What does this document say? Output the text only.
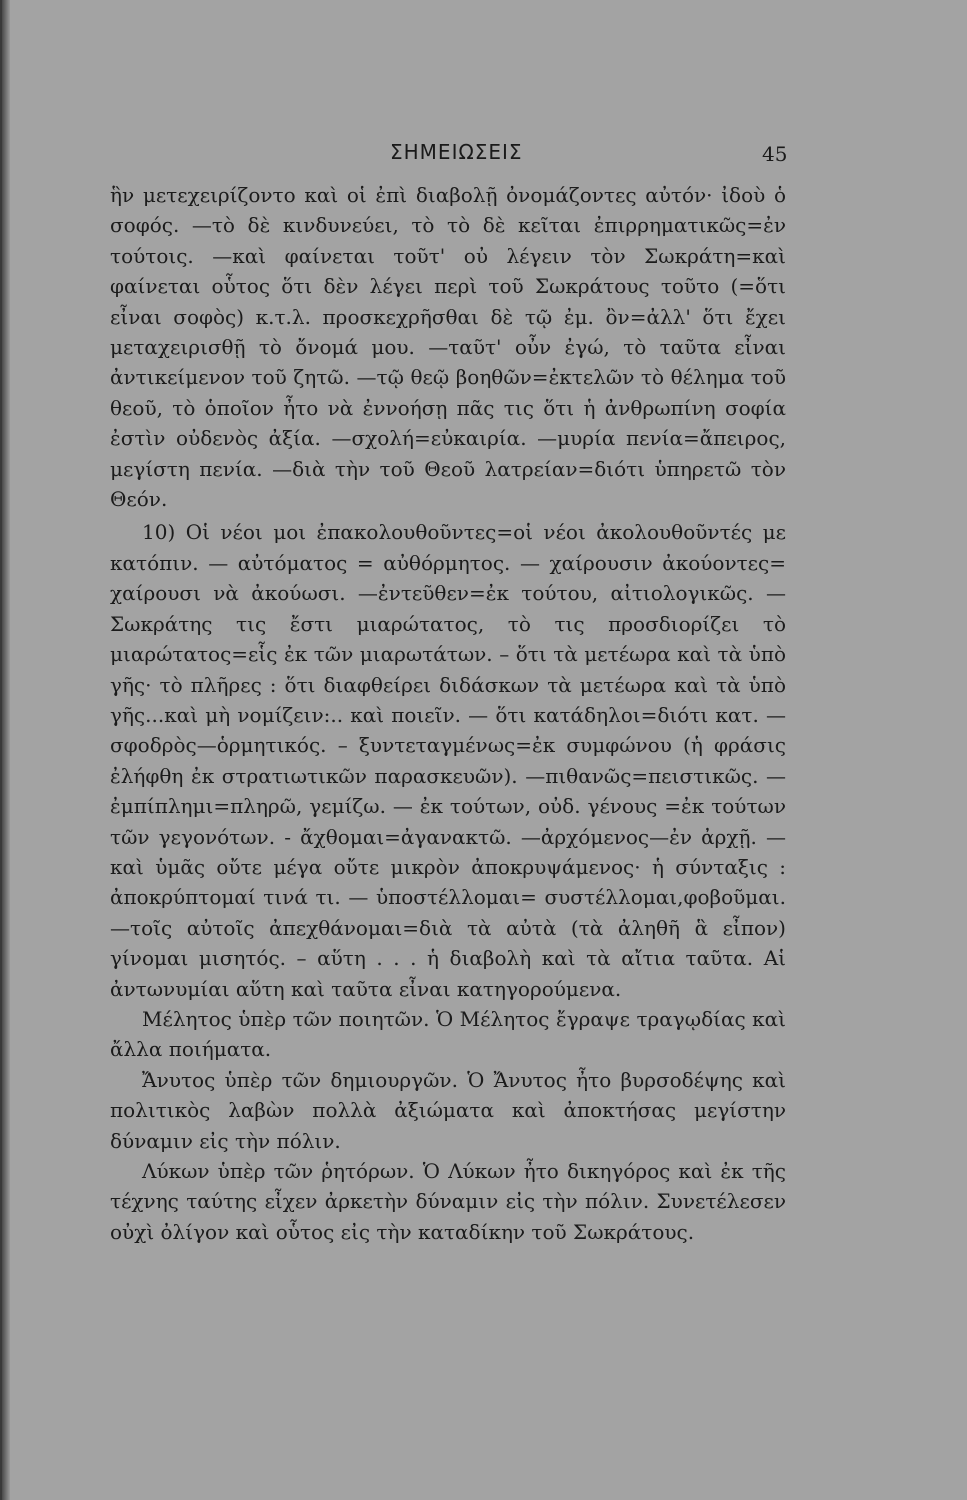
ΣΗΜΕΙΩΣΕΙΣ	45

ἣν μετεχειρίζοντο καὶ οἱ ἐπὶ διαβολῇ ὀνομάζοντες αὐτόν· ἰδοὺ ὁ σοφός. —τὸ δὲ κινδυνεύει, τὸ τὸ δὲ κεῖται ἐπιρρηματικῶς=ἐν τούτοις. —καὶ φαίνεται τοῦτ' οὐ λέγειν τὸν Σωκράτη=καὶ φαίνεται οὗτος ὅτι δὲν λέγει περὶ τοῦ Σωκράτους τοῦτο (=ὅτι εἶναι σοφὸς) κ.τ.λ. προσκεχρῆσθαι δὲ τῷ ἐμ. ὂν=ἀλλ' ὅτι ἔχει μεταχειρισθῇ τὸ ὄνομά μου. —ταῦτ' οὖν ἐγώ, τὸ ταῦτα εἶναι ἀντικείμενον τοῦ ζητῶ. —τῷ θεῷ βοηθῶν=ἐκτελῶν τὸ θέλημα τοῦ θεοῦ, τὸ ὁποῖον ἦτο νὰ ἐννοήσῃ πᾶς τις ὅτι ἡ ἀνθρωπίνη σοφία ἐστὶν οὐδενὸς ἀξία. —σχολή=εὐκαιρία. —μυρία πενία=ἄπειρος, μεγίστη πενία. —διὰ τὴν τοῦ Θεοῦ λατρείαν=διότι ὑπηρετῶ τὸν Θεόν.

10) Οἱ νέοι μοι ἐπακολουθοῦντες=οἱ νέοι ἀκολουθοῦντές με κατόπιν. — αὐτόματος = αὐθόρμητος. — χαίρουσιν ἀκούοντες= χαίρουσι νὰ ἀκούωσι. —ἐντεῦθεν=ἐκ τούτου, αἰτιολογικῶς. — Σωκράτης τις ἔστι μιαρώτατος, τὸ τις προσδιορίζει τὸ μιαρώτατος=εἷς ἐκ τῶν μιαρωτάτων. – ὅτι τὰ μετέωρα καὶ τὰ ὑπὸ γῆς· τὸ πλῆρες : ὅτι διαφθείρει διδάσκων τὰ μετέωρα καὶ τὰ ὑπὸ γῆς...καὶ μὴ νομίζειν:.. καὶ ποιεῖν. — ὅτι κατάδηλοι=διότι κατ. —σφοδρὸς—ὁρμητικός. – ξυντεταγμένως=ἐκ συμφώνου (ἡ φράσις ἐλήφθη ἐκ στρατιωτικῶν παρασκευῶν). —πιθανῶς=πειστικῶς. —ἐμπίπλημι=πληρῶ, γεμίζω. — ἐκ τούτων, οὐδ. γένους =ἐκ τούτων τῶν γεγονότων. - ἄχθομαι=ἀγανακτῶ. —ἀρχόμενος—ἐν ἀρχῇ. — καὶ ὑμᾶς οὔτε μέγα οὔτε μικρὸν ἀποκρυψάμενος· ἡ σύνταξις : ἀποκρύπτομαί τινά τι. — ὑποστέλλομαι= συστέλλομαι,φοβοῦμαι. —τοῖς αὐτοῖς ἀπεχθάνομαι=διὰ τὰ αὐτὰ (τὰ ἀληθῆ ἃ εἶπον) γίνομαι μισητός. – αὕτη . . . ἡ διαβολὴ καὶ τὰ αἴτια ταῦτα. Αἱ ἀντωνυμίαι αὕτη καὶ ταῦτα εἶναι κατηγορούμενα.

Μέλητος ὑπὲρ τῶν ποιητῶν. Ὁ Μέλητος ἔγραψε τραγῳδίας καὶ ἄλλα ποιήματα.

Ἄνυτος ὑπὲρ τῶν δημιουργῶν. Ὁ Ἄνυτος ἦτο βυρσοδέψης καὶ πολιτικὸς λαβὼν πολλὰ ἀξιώματα καὶ ἀποκτήσας μεγίστην δύναμιν εἰς τὴν πόλιν.

Λύκων ὑπὲρ τῶν ῥητόρων. Ὁ Λύκων ἦτο δικηγόρος καὶ ἐκ τῆς τέχνης ταύτης εἶχεν ἀρκετὴν δύναμιν εἰς τὴν πόλιν. Συνετέλεσεν οὐχὶ ὀλίγον καὶ οὗτος εἰς τὴν καταδίκην τοῦ Σωκράτους.
